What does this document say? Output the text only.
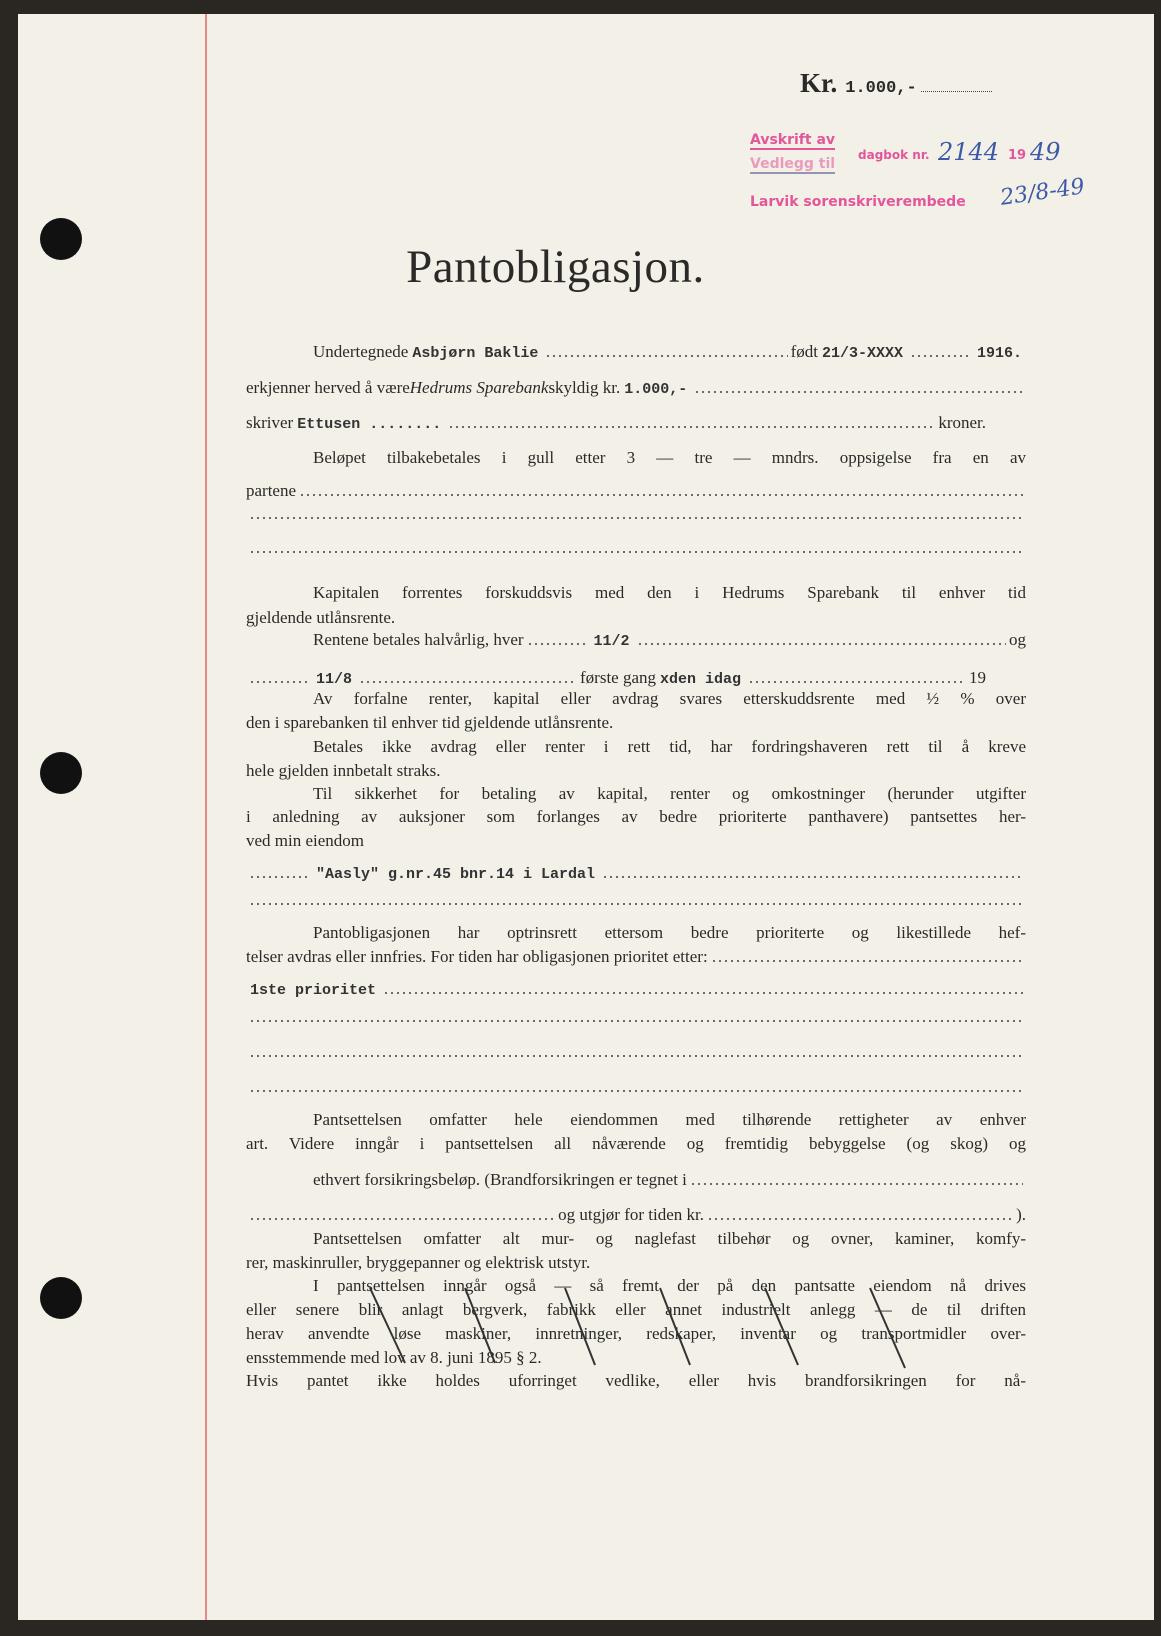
Kr. 1.000,-
Avskrift av
Vedlegg til
dagbok nr. 2144 19 49
Larvik sorenskriverembede 23/8-49
Pantobligasjon.
Undertegnede Asbjørn Baklie	født 21/3-XXXX	1916.
erkjenner herved å være Hedrums Sparebank skyldig kr. 1.000,-
skriver Ettusen ........	kroner.
Beløpet tilbakebetales i gull etter 3 — tre — mndrs. oppsigelse fra en av
partene
Kapitalen forrentes forskuddsvis med den i Hedrums Sparebank til enhver tid
gjeldende utlånsrente.
Rentene betales halvårlig, hver	11/2	og
11/8	første gang xden idag	19
Av forfalne renter, kapital eller avdrag svares etterskuddsrente med ½ % over
den i sparebanken til enhver tid gjeldende utlånsrente.
Betales ikke avdrag eller renter i rett tid, har fordringshaveren rett til å kreve
hele gjelden innbetalt straks.
Til sikkerhet for betaling av kapital, renter og omkostninger (herunder utgifter
i anledning av auksjoner som forlanges av bedre prioriterte panthavere) pantsettes her-
ved min eiendom
"Aasly" g.nr.45 bnr.14 i Lardal
Pantobligasjonen har optrinsrett ettersom bedre prioriterte og likestillede hef-
telser avdras eller innfries. For tiden har obligasjonen prioritet etter:
1ste prioritet
Pantsettelsen omfatter hele eiendommen med tilhørende rettigheter av enhver
art. Videre inngår i pantsettelsen all nåværende og fremtidig bebyggelse (og skog) og
ethvert forsikringsbeløp. (Brandforsikringen er tegnet i
og utgjør for tiden kr.	).
Pantsettelsen omfatter alt mur- og naglefast tilbehør og ovner, kaminer, komfy-
rer, maskinruller, bryggepanner og elektrisk utstyr.
I pantsettelsen inngår også — så fremt der på den pantsatte eiendom nå drives
eller senere blir anlagt bergverk, fabrikk eller annet industrielt anlegg — de til driften
herav anvendte løse maskiner, innretninger, redskaper, inventar og transportmidler over-
ensstemmende med lov av 8. juni 1895 § 2.
Hvis pantet ikke holdes uforringet vedlike, eller hvis brandforsikringen for nå-
